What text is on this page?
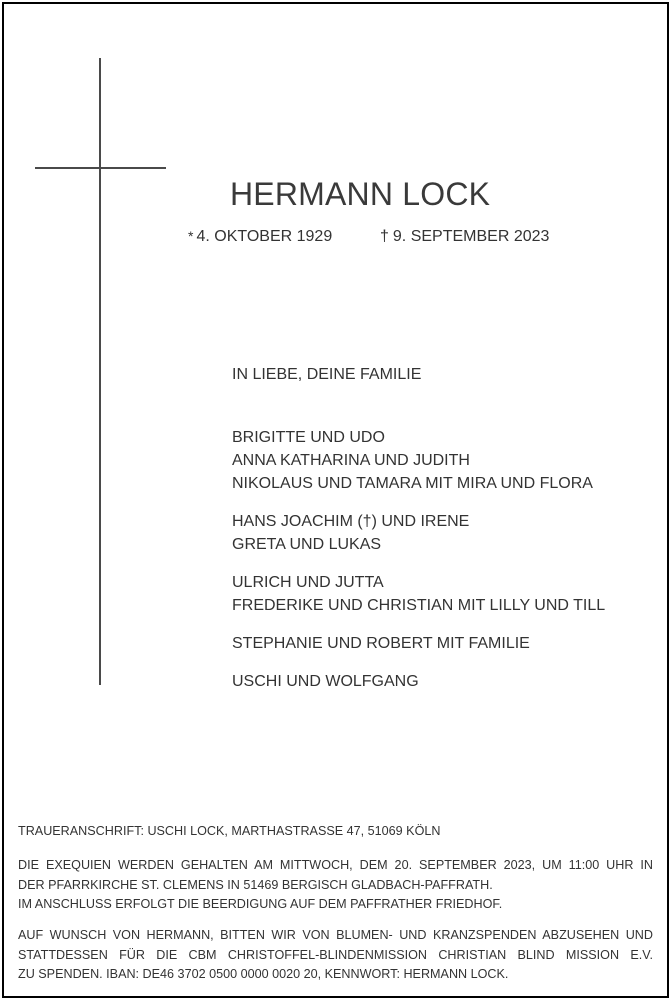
HERMANN LOCK
* 4. OKTOBER 1929	† 9. SEPTEMBER 2023
IN LIEBE, DEINE FAMILIE
BRIGITTE UND UDO
ANNA KATHARINA UND JUDITH
NIKOLAUS UND TAMARA MIT MIRA UND FLORA
HANS JOACHIM (†) UND IRENE
GRETA UND LUKAS
ULRICH UND JUTTA
FREDERIKE UND CHRISTIAN MIT LILLY UND TILL
STEPHANIE UND ROBERT MIT FAMILIE
USCHI UND WOLFGANG
TRAUERANSCHRIFT: USCHI LOCK, MARTHASTRASSE 47, 51069 KÖLN
DIE EXEQUIEN WERDEN GEHALTEN AM MITTWOCH, DEM 20. SEPTEMBER 2023, UM 11:00 UHR IN
DER PFARRKIRCHE ST. CLEMENS IN 51469 BERGISCH GLADBACH-PAFFRATH.
IM ANSCHLUSS ERFOLGT DIE BEERDIGUNG AUF DEM PAFFRATHER FRIEDHOF.
AUF WUNSCH VON HERMANN, BITTEN WIR VON BLUMEN- UND KRANZSPENDEN ABZUSEHEN UND
STATTDESSEN FÜR DIE CBM CHRISTOFFEL-BLINDENMISSION CHRISTIAN BLIND MISSION E.V.
ZU SPENDEN. IBAN: DE46 3702 0500 0000 0020 20, KENNWORT: HERMANN LOCK.
